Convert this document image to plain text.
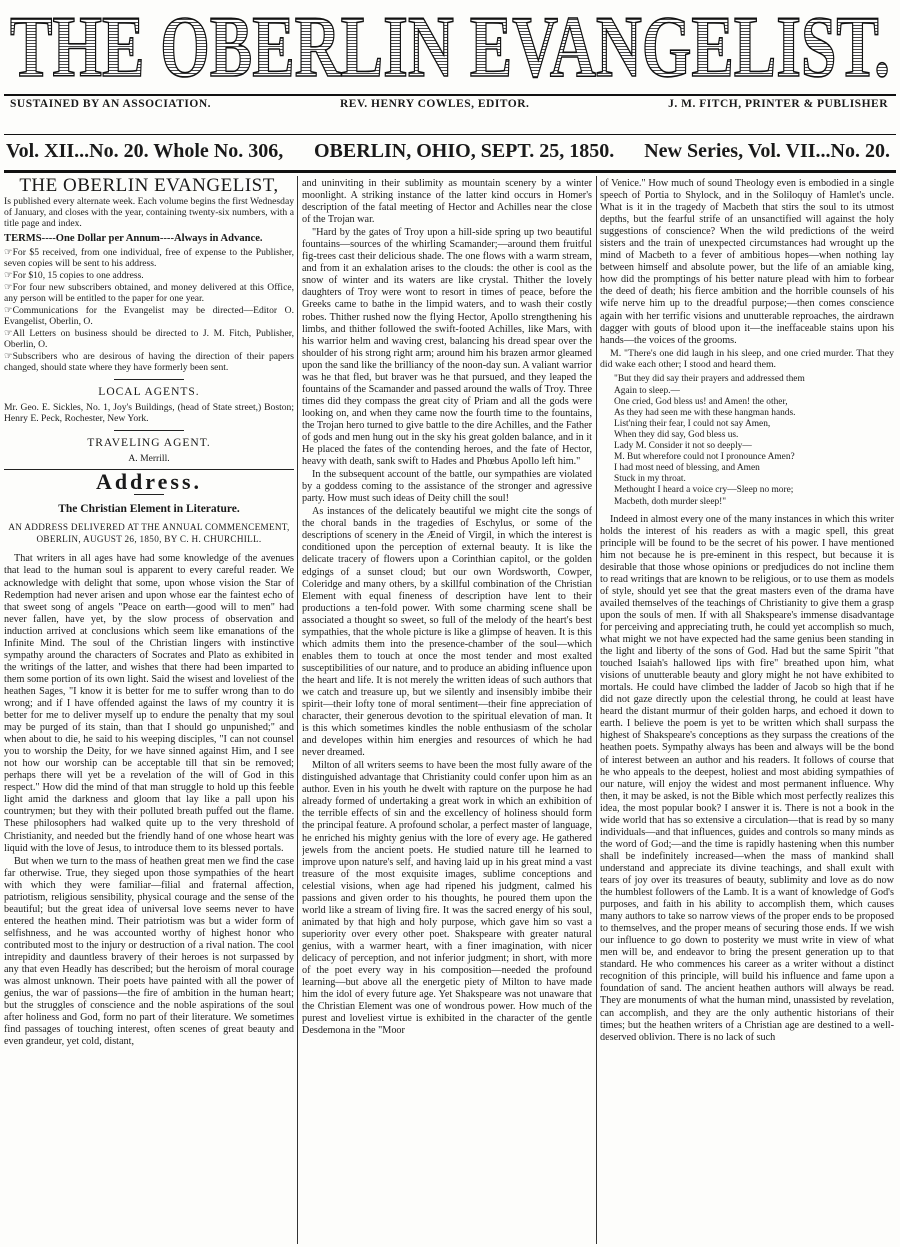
THE OBERLIN EVANGELIST.
SUSTAINED BY AN ASSOCIATION.	REV. HENRY COWLES, EDITOR.	J. M. FITCH, PRINTER & PUBLISHER
Vol. XII...No. 20. Whole No. 306, OBERLIN, OHIO, SEPT. 25, 1850. New Series, Vol. VII...No. 20.

THE OBERLIN EVANGELIST,

Is published every alternate week. Each volume begins the first Wednesday of January, and closes with the year, containing twenty-six numbers, with a title page and index.

TERMS----One Dollar per Annum----Always in Advance.

☞For $5 received, from one individual, free of expense to the Publisher, seven copies will be sent to his address.

☞For $10, 15 copies to one address.

☞For four new subscribers obtained, and money delivered at this Office, any person will be entitled to the paper for one year.

☞Communications for the Evangelist may be directed—Editor O. Evangelist, Oberlin, O.

☞All Letters on business should be directed to J. M. Fitch, Publisher, Oberlin, O.

☞Subscribers who are desirous of having the direction of their papers changed, should state where they have formerly been sent.

LOCAL AGENTS.

Mr. Geo. E. Sickles, No. 1, Joy's Buildings, (head of State street,) Boston; Henry E. Peck, Rochester, New York.

TRAVELING AGENT.

A. Merrill.

Address.

The Christian Element in Literature.

AN ADDRESS DELIVERED AT THE ANNUAL COMMENCEMENT, OBERLIN, AUGUST 26, 1850, BY C. H. CHURCHILL.

That writers in all ages have had some knowledge of the avenues that lead to the human soul is apparent to every careful reader. We acknowledge with delight that some, upon whose vision the Star of Redemption had never arisen and upon whose ear the faintest echo of that sweet song of angels "Peace on earth—good will to men" had never fallen, have yet, by the slow process of observation and induction arrived at conclusions which seem like emanations of the Infinite Mind. The soul of the Christian lingers with instinctive sympathy around the characters of Socrates and Plato as exhibited in the writings of the latter, and wishes that there had been imparted to them some portion of its own light. Said the wisest and loveliest of the heathen Sages, "I know it is better for me to suffer wrong than to do wrong; and if I have offended against the laws of my country it is better for me to deliver myself up to endure the penalty that my soul may be purged of its stain, than that I should go unpunished;" and when about to die, he said to his weeping disciples, "I can not counsel you to worship the Deity, for we have sinned against Him, and I see not how our worship can be acceptable till that sin be removed; perhaps there will yet be a revelation of the will of God in this respect." How did the mind of that man struggle to hold up this feeble light amid the darkness and gloom that lay like a pall upon his countrymen; but they with their polluted breath puffed out the flame. These philosophers had walked quite up to the very threshold of Christianity, and needed but the friendly hand of one whose heart was liquid with the love of Jesus, to introduce them to its blessed portals.

But when we turn to the mass of heathen great men we find the case far otherwise. True, they sieged upon those sympathies of the heart with which they were familiar—filial and fraternal affection, patriotism, religious sensibility, physical courage and the sense of the beautiful; but the great idea of universal love seems never to have entered the heathen mind. Their patriotism was but a wider form of selfishness, and he was accounted worthy of highest honor who contributed most to the injury or destruction of a rival nation. The cool intrepidity and dauntless bravery of their heroes is not surpassed by any that even Headly has described; but the heroism of moral courage was almost unknown. Their poets have painted with all the power of genius, the war of passions—the fire of ambition in the human heart; but the struggles of conscience and the noble aspirations of the soul after holiness and God, form no part of their literature. We sometimes find passages of touching interest, often scenes of great beauty and even grandeur, yet cold, distant,

and uninviting in their sublimity as mountain scenery by a winter moonlight. A striking instance of the latter kind occurs in Homer's description of the fatal meeting of Hector and Achilles near the close of the Trojan war.

"Hard by the gates of Troy upon a hill-side spring up two beautiful fountains—sources of the whirling Scamander;—around them fruitful fig-trees cast their delicious shade. The one flows with a warm stream, and from it an exhalation arises to the clouds: the other is cool as the snow of winter and its waters are like crystal. Thither the lovely daughters of Troy were wont to resort in times of peace, before the Greeks came to bathe in the limpid waters, and to wash their costly robes. Thither rushed now the flying Hector, Apollo strengthening his limbs, and thither followed the swift-footed Achilles, like Mars, with his warrior helm and waving crest, balancing his dread spear over the shoulder of his strong right arm; around him his brazen armor gleamed upon the sand like the brilliancy of the noon-day sun. A valiant warrior was he that fled, but braver was he that pursued, and they leaped the fountains of the Scamander and passed around the walls of Troy. Three times did they compass the great city of Priam and all the gods were looking on, and when they came now the fourth time to the fountains, the Trojan hero turned to give battle to the dire Achilles, and the Father of gods and men hung out in the sky his great golden balance, and in it He placed the fates of the contending heroes, and the fate of Hector, heavy with death, sank swift to Hades and Phœbus Apollo left him."

In the subsequent account of the battle, our sympathies are violated by a goddess coming to the assistance of the stronger and agressive party. How must such ideas of Deity chill the soul!

As instances of the delicately beautiful we might cite the songs of the choral bands in the tragedies of Eschylus, or some of the descriptions of scenery in the Æneid of Virgil, in which the interest is conditioned upon the perception of external beauty. It is like the delicate tracery of flowers upon a Corinthian capitol, or the golden edgings of a sunset cloud; but our own Wordsworth, Cowper, Coleridge and many others, by a skillful combination of the Christian Element with equal fineness of description have lent to their productions a ten-fold power. With some charming scene shall be associated a thought so sweet, so full of the melody of the heart's best sympathies, that the whole picture is like a glimpse of heaven. It is this which admits them into the presence-chamber of the soul—which enables them to touch at once the most tender and most exalted susceptibilities of our nature, and to produce an abiding influence upon the heart and life. It is not merely the written ideas of such authors that we catch and treasure up, but we silently and insensibly imbibe their spirit—their lofty tone of moral sentiment—their fine appreciation of character, their generous devotion to the spiritual elevation of man. It is this which sometimes kindles the noble enthusiasm of the scholar and developes within him energies and resources of which he had never dreamed.

Milton of all writers seems to have been the most fully aware of the distinguished advantage that Christianity could confer upon him as an author. Even in his youth he dwelt with rapture on the purpose he had already formed of undertaking a great work in which an exhibition of the terrible effects of sin and the excellency of holiness should form the principal feature. A profound scholar, a perfect master of language, he enriched his mighty genius with the lore of every age. He gathered jewels from the ancient poets. He studied nature till he learned to improve upon nature's self, and having laid up in his great mind a vast treasure of the most exquisite images, sublime conceptions and celestial visions, when age had ripened his judgment, calmed his passions and given order to his thoughts, he poured them upon the world like a stream of living fire. It was the sacred energy of his soul, animated by that high and holy purpose, which gave him so vast a superiority over every other poet. Shakspeare with greater natural genius, with a warmer heart, with a finer imagination, with nicer delicacy of perception, and not inferior judgment; in short, with more of the poet every way in his composition—needed the profound learning—but above all the energetic piety of Milton to have made him the idol of every future age. Yet Shakspeare was not unaware that the Christian Element was one of wondrous power. How much of the purest and loveliest virtue is exhibited in the character of the gentle Desdemona in the "Moor

of Venice." How much of sound Theology even is embodied in a single speech of Portia to Shylock, and in the Soliloquy of Hamlet's uncle. What is it in the tragedy of Macbeth that stirs the soul to its utmost depths, but the fearful strife of an unsanctified will against the holy suggestions of conscience? When the wild predictions of the weird sisters and the train of unexpected circumstances had wrought up the mind of Macbeth to a fever of ambitious hopes—when nothing lay between himself and absolute power, but the life of an amiable king, how did the promptings of his better nature plead with him to forbear the deed of death; his fierce ambition and the horrible counsels of his wife nerve him up to the dreadful purpose;—then comes conscience again with her terrific visions and unutterable reproaches, the airdrawn dagger with gouts of blood upon it—the ineffaceable stains upon his hands—the voices of the grooms.

M. "There's one did laugh in his sleep, and one cried murder. That they did wake each other; I stood and heard them.

"But they did say their prayers and addressed them
Again to sleep.—
One cried, God bless us! and Amen! the other,
As they had seen me with these hangman hands.
List'ning their fear, I could not say Amen,
When they did say, God bless us.
Lady M. Consider it not so deeply—
M. But wherefore could not I pronounce Amen?
I had most need of blessing, and Amen
Stuck in my throat.
Methought I heard a voice cry—Sleep no more;
Macbeth, doth murder sleep!"

Indeed in almost every one of the many instances in which this writer holds the interest of his readers as with a magic spell, this great principle will be found to be the secret of his power. I have mentioned him not because he is pre-eminent in this respect, but because it is desirable that those whose opinions or predjudices do not incline them to read writings that are known to be religious, or to use them as models of style, should yet see that the great masters even of the drama have availed themselves of the teachings of Christianity to give them a grasp upon the souls of men. If with all Shakspeare's immense disadvantage for perceiving and appreciating truth, he could yet accomplish so much, what might we not have expected had the same genius been standing in the light and liberty of the sons of God. Had but the same Spirit "that touched Isaiah's hallowed lips with fire" breathed upon him, what visions of unutterable beauty and glory might he not have exhibited to mortals. He could have climbed the ladder of Jacob so high that if he did not gaze directly upon the celestial throng, he could at least have heard the distant murmur of their golden harps, and echoed it down to earth. I believe the poem is yet to be written which shall surpass the highest of Shakspeare's conceptions as they surpass the creations of the heathen poets. Sympathy always has been and always will be the bond of interest between an author and his readers. It follows of course that he who appeals to the deepest, holiest and most abiding sympathies of our nature, will enjoy the widest and most permanent influence. Why then, it may be asked, is not the Bible which most perfectly realizes this idea, the most popular book? I answer it is. There is not a book in the wide world that has so extensive a circulation—that is read by so many individuals—and that influences, guides and controls so many minds as the word of God;—and the time is rapidly hastening when this number shall be indefinitely increased—when the mass of mankind shall understand and appreciate its divine teachings, and shall exult with tears of joy over its treasures of beauty, sublimity and love as do now the humblest followers of the Lamb. It is a want of knowledge of God's purposes, and faith in his ability to accomplish them, which causes many authors to take so narrow views of the proper ends to be proposed to themselves, and the proper means of securing those ends. If we wish our influence to go down to posterity we must write in view of what men will be, and endeavor to bring the present generation up to that standard. He who commences his career as a writer without a distinct recognition of this principle, will build his influence and fame upon a foundation of sand. The ancient heathen authors will always be read. They are monuments of what the human mind, unassisted by revelation, can accomplish, and they are the only authentic historians of their times; but the heathen writers of a Christian age are destined to a well-deserved oblivion. There is no lack of such
